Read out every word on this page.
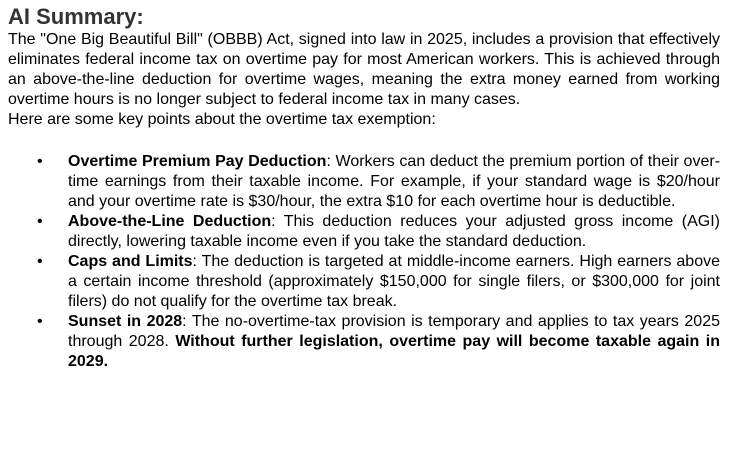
AI Summary:

The "One Big Beautiful Bill" (OBBB) Act, signed into law in 2025, includes a provision that effectively eliminates federal income tax on overtime pay for most American workers. This is achieved through an above-the-line deduction for overtime wages, meaning the extra money earned from working overtime hours is no longer subject to federal income tax in many cases.

Here are some key points about the overtime tax exemption:

• Overtime Premium Pay Deduction: Workers can deduct the premium portion of their overtime earnings from their taxable income. For example, if your standard wage is $20/hour and your overtime rate is $30/hour, the extra $10 for each overtime hour is deductible.
• Above-the-Line Deduction: This deduction reduces your adjusted gross income (AGI) directly, lowering taxable income even if you take the standard deduction.
• Caps and Limits: The deduction is targeted at middle-income earners. High earners above a certain income threshold (approximately $150,000 for single filers, or $300,000 for joint filers) do not qualify for the overtime tax break.
• Sunset in 2028: The no-overtime-tax provision is temporary and applies to tax years 2025 through 2028. Without further legislation, overtime pay will become taxable again in 2029.
